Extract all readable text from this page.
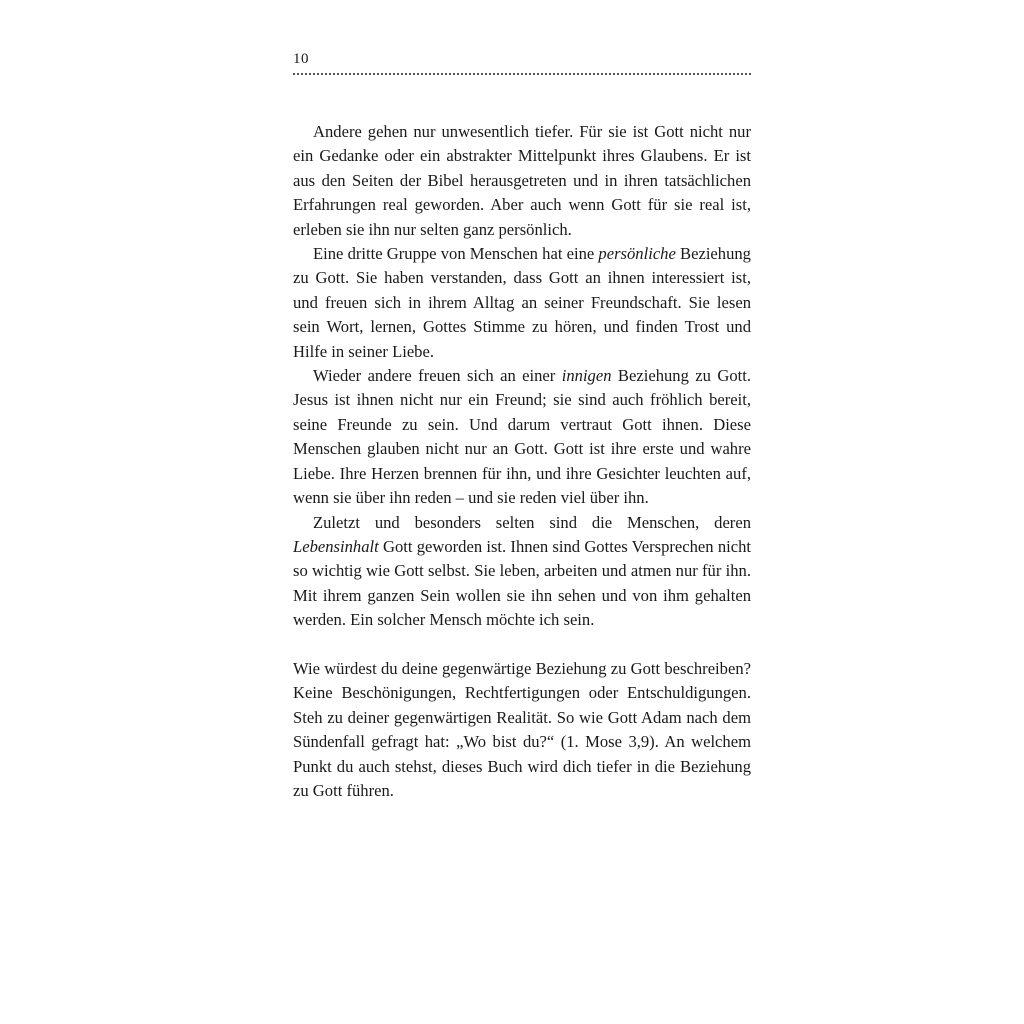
10

Andere gehen nur unwesentlich tiefer. Für sie ist Gott nicht nur ein Gedanke oder ein abstrakter Mittelpunkt ihres Glaubens. Er ist aus den Seiten der Bibel herausgetreten und in ihren tatsächlichen Erfahrungen real geworden. Aber auch wenn Gott für sie real ist, erleben sie ihn nur selten ganz persönlich.

Eine dritte Gruppe von Menschen hat eine persönliche Beziehung zu Gott. Sie haben verstanden, dass Gott an ihnen interessiert ist, und freuen sich in ihrem Alltag an seiner Freundschaft. Sie lesen sein Wort, lernen, Gottes Stimme zu hören, und finden Trost und Hilfe in seiner Liebe.

Wieder andere freuen sich an einer innigen Beziehung zu Gott. Jesus ist ihnen nicht nur ein Freund; sie sind auch fröhlich bereit, seine Freunde zu sein. Und darum vertraut Gott ihnen. Diese Menschen glauben nicht nur an Gott. Gott ist ihre erste und wahre Liebe. Ihre Herzen brennen für ihn, und ihre Gesichter leuchten auf, wenn sie über ihn reden – und sie reden viel über ihn.

Zuletzt und besonders selten sind die Menschen, deren Lebensinhalt Gott geworden ist. Ihnen sind Gottes Versprechen nicht so wichtig wie Gott selbst. Sie leben, arbeiten und atmen nur für ihn. Mit ihrem ganzen Sein wollen sie ihn sehen und von ihm gehalten werden. Ein solcher Mensch möchte ich sein.

Wie würdest du deine gegenwärtige Beziehung zu Gott beschreiben? Keine Beschönigungen, Rechtfertigungen oder Entschuldigungen. Steh zu deiner gegenwärtigen Realität. So wie Gott Adam nach dem Sündenfall gefragt hat: „Wo bist du?“ (1. Mose 3,9). An welchem Punkt du auch stehst, dieses Buch wird dich tiefer in die Beziehung zu Gott führen.
